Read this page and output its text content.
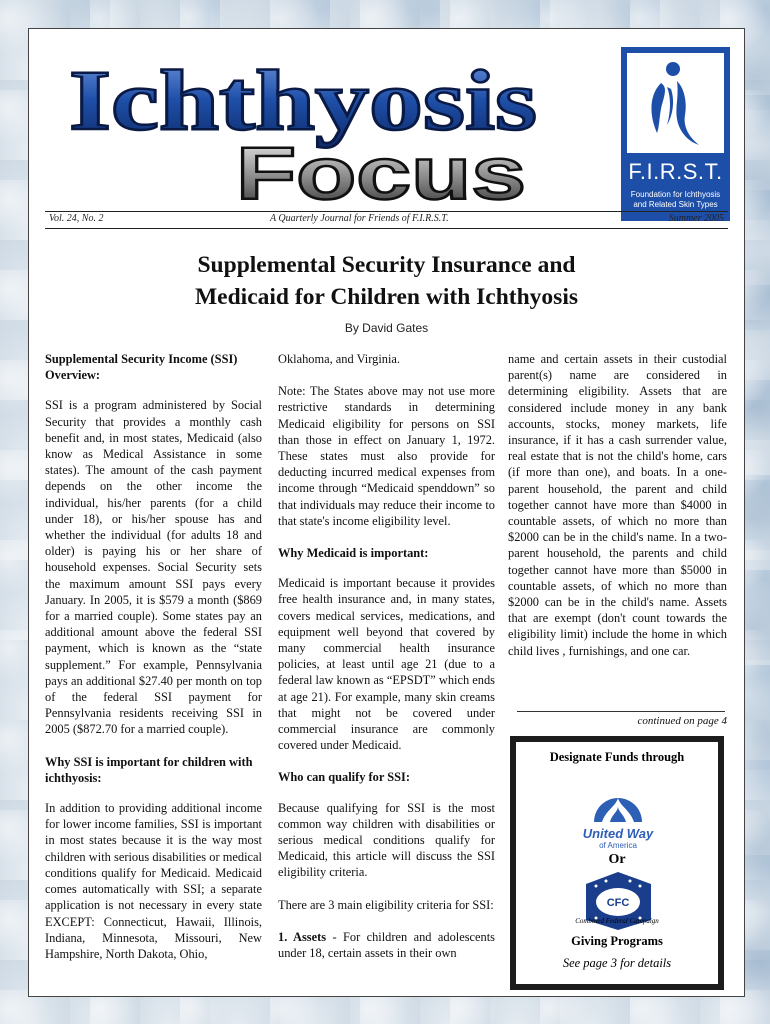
Ichthyosis
Focus	F.I.R.S.T.
Foundation for Ichthyosis
and Related Skin Types
Vol. 24, No. 2	A Quarterly Journal for Friends of F.I.R.S.T.	Summer 2005
Supplemental Security Insurance and
Medicaid for Children with Ichthyosis
By David Gates

Supplemental Security Income (SSI) Overview:

SSI is a program administered by Social Security that provides a monthly cash benefit and, in most states, Medicaid (also know as Medical Assistance in some states). The amount of the cash payment depends on the other income the individual, his/her parents (for a child under 18), or his/her spouse has and whether the individual (for adults 18 and older) is paying his or her share of household expenses. Social Security sets the maximum amount SSI pays every January. In 2005, it is $579 a month ($869 for a married couple). Some states pay an additional amount above the federal SSI payment, which is known as the “state supplement.” For example, Pennsylvania pays an additional $27.40 per month on top of the federal SSI payment for Pennsylvania residents receiving SSI in 2005 ($872.70 for a married couple).

Why SSI is important for children with ichthyosis:

In addition to providing additional income for lower income families, SSI is important in most states because it is the way most children with serious disabilities or medical conditions qualify for Medicaid. Medicaid comes automatically with SSI; a separate application is not necessary in every state EXCEPT: Connecticut, Hawaii, Illinois, Indiana, Minnesota, Missouri, New Hampshire, North Dakota, Ohio,

Oklahoma, and Virginia.

Note: The States above may not use more restrictive standards in determining Medicaid eligibility for persons on SSI than those in effect on January 1, 1972. These states must also provide for deducting incurred medical expenses from income through “Medicaid spenddown” so that individuals may reduce their income to that state's income eligibility level.

Why Medicaid is important:

Medicaid is important because it provides free health insurance and, in many states, covers medical services, medications, and equipment well beyond that covered by many commercial health insurance policies, at least until age 21 (due to a federal law known as “EPSDT” which ends at age 21). For example, many skin creams that might not be covered under commercial insurance are commonly covered under Medicaid.

Who can qualify for SSI:

Because qualifying for SSI is the most common way children with disabilities or serious medical conditions qualify for Medicaid, this article will discuss the SSI eligibility criteria.

There are 3 main eligibility criteria for SSI:

1. Assets - For children and adolescents under 18, certain assets in their own

name and certain assets in their custodial parent(s) name are considered in determining eligibility. Assets that are considered include money in any bank accounts, stocks, money markets, life insurance, if it has a cash surrender value, real estate that is not the child's home, cars (if more than one), and boats. In a one-parent household, the parent and child together cannot have more than $4000 in countable assets, of which no more than $2000 can be in the child's name. In a two-parent household, the parents and child together cannot have more than $5000 in countable assets, of which no more than $2000 can be in the child's name. Assets that are exempt (don't count towards the eligibility limit) include the home in which child lives , furnishings, and one car.

continued on page 4
Designate Funds through
United Way
of America
Or
CFC
Combined Federal Campaign
Giving Programs
See page 3 for details
